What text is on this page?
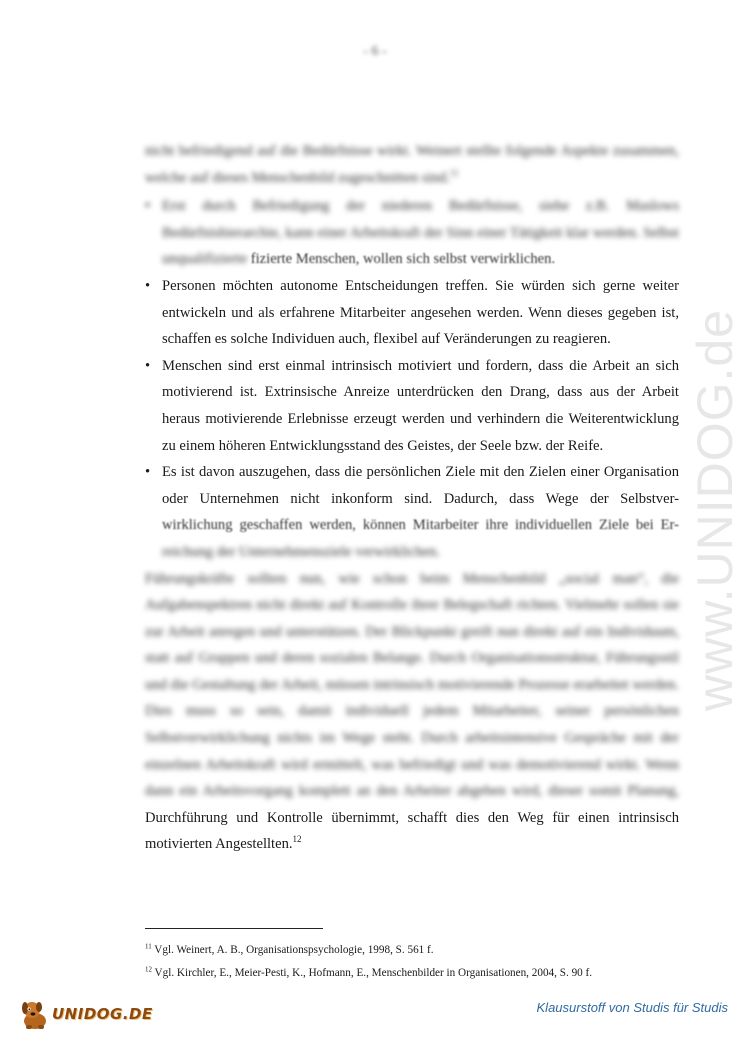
- 6 -
www.UNIDOG.de

nicht befriedigend auf die Bedürfnisse wirkt. Weinert stellte folgende Aspekte zusammen, welche auf dieses Menschenbild zugeschnitten sind.$^{11}$

• Erst durch Befriedigung der niederen Bedürfnisse, siehe z.B. Maslows Bedürfnishierarchie, kann einer Arbeitskraft der Sinn einer Tätigkeit klar werden. Selbst unqualifizierte fizierte Menschen, wollen sich selbst verwirklichen.
• Personen möchten autonome Entscheidungen treffen. Sie würden sich gerne weiter entwickeln und als erfahrene Mitarbeiter angesehen werden. Wenn dieses gegeben ist, schaffen es solche Individuen auch, flexibel auf Veränderungen zu reagieren.
• Menschen sind erst einmal intrinsisch motiviert und fordern, dass die Arbeit an sich motivierend ist. Extrinsische Anreize unterdrücken den Drang, dass aus der Arbeit heraus motivierende Erlebnisse erzeugt werden und verhindern die Weiterentwicklung zu einem höheren Entwicklungsstand des Geistes, der Seele bzw. der Reife.
• Es ist davon auszugehen, dass die persönlichen Ziele mit den Zielen einer Organisation oder Unternehmen nicht inkonform sind. Dadurch, dass Wege der Selbstver- wirklichung geschaffen werden, können Mitarbeiter ihre individuellen Ziele bei Er- reichung der Unternehmensziele verwirklichen.

Führungskräfte sollten nun, wie schon beim Menschenbild „social man“, die Aufgabenspektren nicht direkt auf Kontrolle ihrer Belegschaft richten. Vielmehr sollen sie zur Arbeit anregen und unterstützen. Der Blickpunkt greift nun direkt auf ein Individuum, statt auf Gruppen und deren sozialen Belange. Durch Organisationsstruktur, Führungsstil und die Gestaltung der Arbeit, müssen intrinsisch motivierende Prozesse erarbeitet werden. Dies muss so sein, damit individuell jedem Mitarbeiter, seiner persönlichen Selbstverwirklichung nichts im Wege steht. Durch arbeitsintensive Gespräche mit der einzelnen Arbeitskraft wird ermittelt, was befriedigt und was demotivierend wirkt. Wenn dann ein Arbeitsvorgang komplett an den Arbeiter abgeben wird, dieser somit Planung, Durchführung und Kontrolle übernimmt, schafft dies den Weg für einen intrinsisch motivierten Angestellten.$^{12}$

$^{11}$ Vgl. Weinert, A. B., Organisationspsychologie, 1998, S. 561 f.

$^{12}$ Vgl. Kirchler, E., Meier-Pesti, K., Hofmann, E., Menschenbilder in Organisationen, 2004, S. 90 f.

UNIDOG.DE	Klausurstoff von Studis für Studis
